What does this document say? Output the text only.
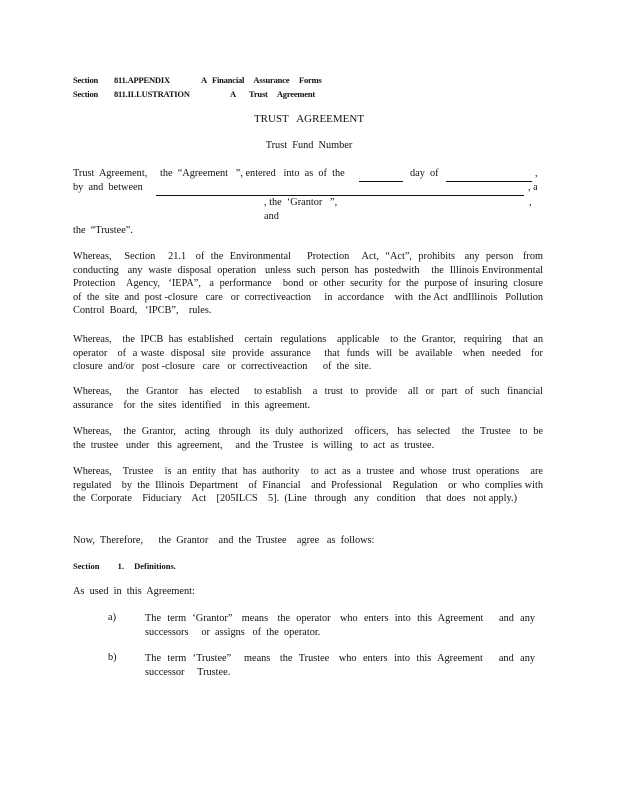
Section 811.APPENDIX	A Financial     Assurance     Forms
Section 811.ILLUSTRATION	A Trust     Agreement
TRUST   AGREEMENT
Trust  Fund  Number
Trust  Agreement, the  “Agreement   ”, entered   into  as  of  the	day  of	,
by  and  between	, a
, the  ‘Grantor   ”,	,
and
the  “Trustee”.

Whereas,    Section    21.1   of  the  Environmental     Protection    Act,  “Act”,  prohibits   any  person   from conducting   any  waste  disposal  operation   unless  such  person  has  postedwith    the  Illinois Environmental    Protection    Agency,   ‘IEPA”,   a  performance    bond  or  other  security  for  the  purpose of  insuring  closure   of  the  site  and  post -closure   care   or  correctiveaction     in  accordance    with  the Act  andIllinois   Pollution   Control  Board,   ‘IPCB”,    rules.

Whereas,    the  IPCB  has  established    certain   regulations    applicable    to  the  Grantor,   requiring    that  an operator   of  a waste  disposal  site  provide  assurance    that  funds  will  be  available   when  needed   for closure  and/or   post -closure   care   or  correctiveaction      of  the  site.

Whereas,    the  Grantor   has  elected    to establish   a  trust  to  provide   all  or  part  of  such  financial assurance    for  the  sites  identified    in  this  agreement.

Whereas,    the  Grantor,   acting   through   its  duly  authorized    officers,   has  selected    the  Trustee   to  be the  trustee   under   this  agreement,     and  the  Trustee   is  willing   to  act  as  trustee.

Whereas,    Trustee    is  an  entity  that  has  authority    to  act  as  a  trustee  and  whose  trust  operations    are regulated    by  the  Illinois  Department    of  Financial    and  Professional    Regulation    or  who  complies with  the  Corporate    Fiduciary    Act    [205ILCS    5].  (Line   through   any   condition    that  does   not apply.)

Now,  Therefore,      the  Grantor    and  the  Trustee    agree   as  follows:

Section 1. Definitions.
As  used  in  this  Agreement:
a)	The  term  ‘Grantor”   means   the  operator   who  enters  into  this  Agreement     and  any successors     or  assigns   of  the  operator.

b)	The  term  ‘Trustee”    means   the  Trustee   who  enters  into  this  Agreement     and  any successor     Trustee.
